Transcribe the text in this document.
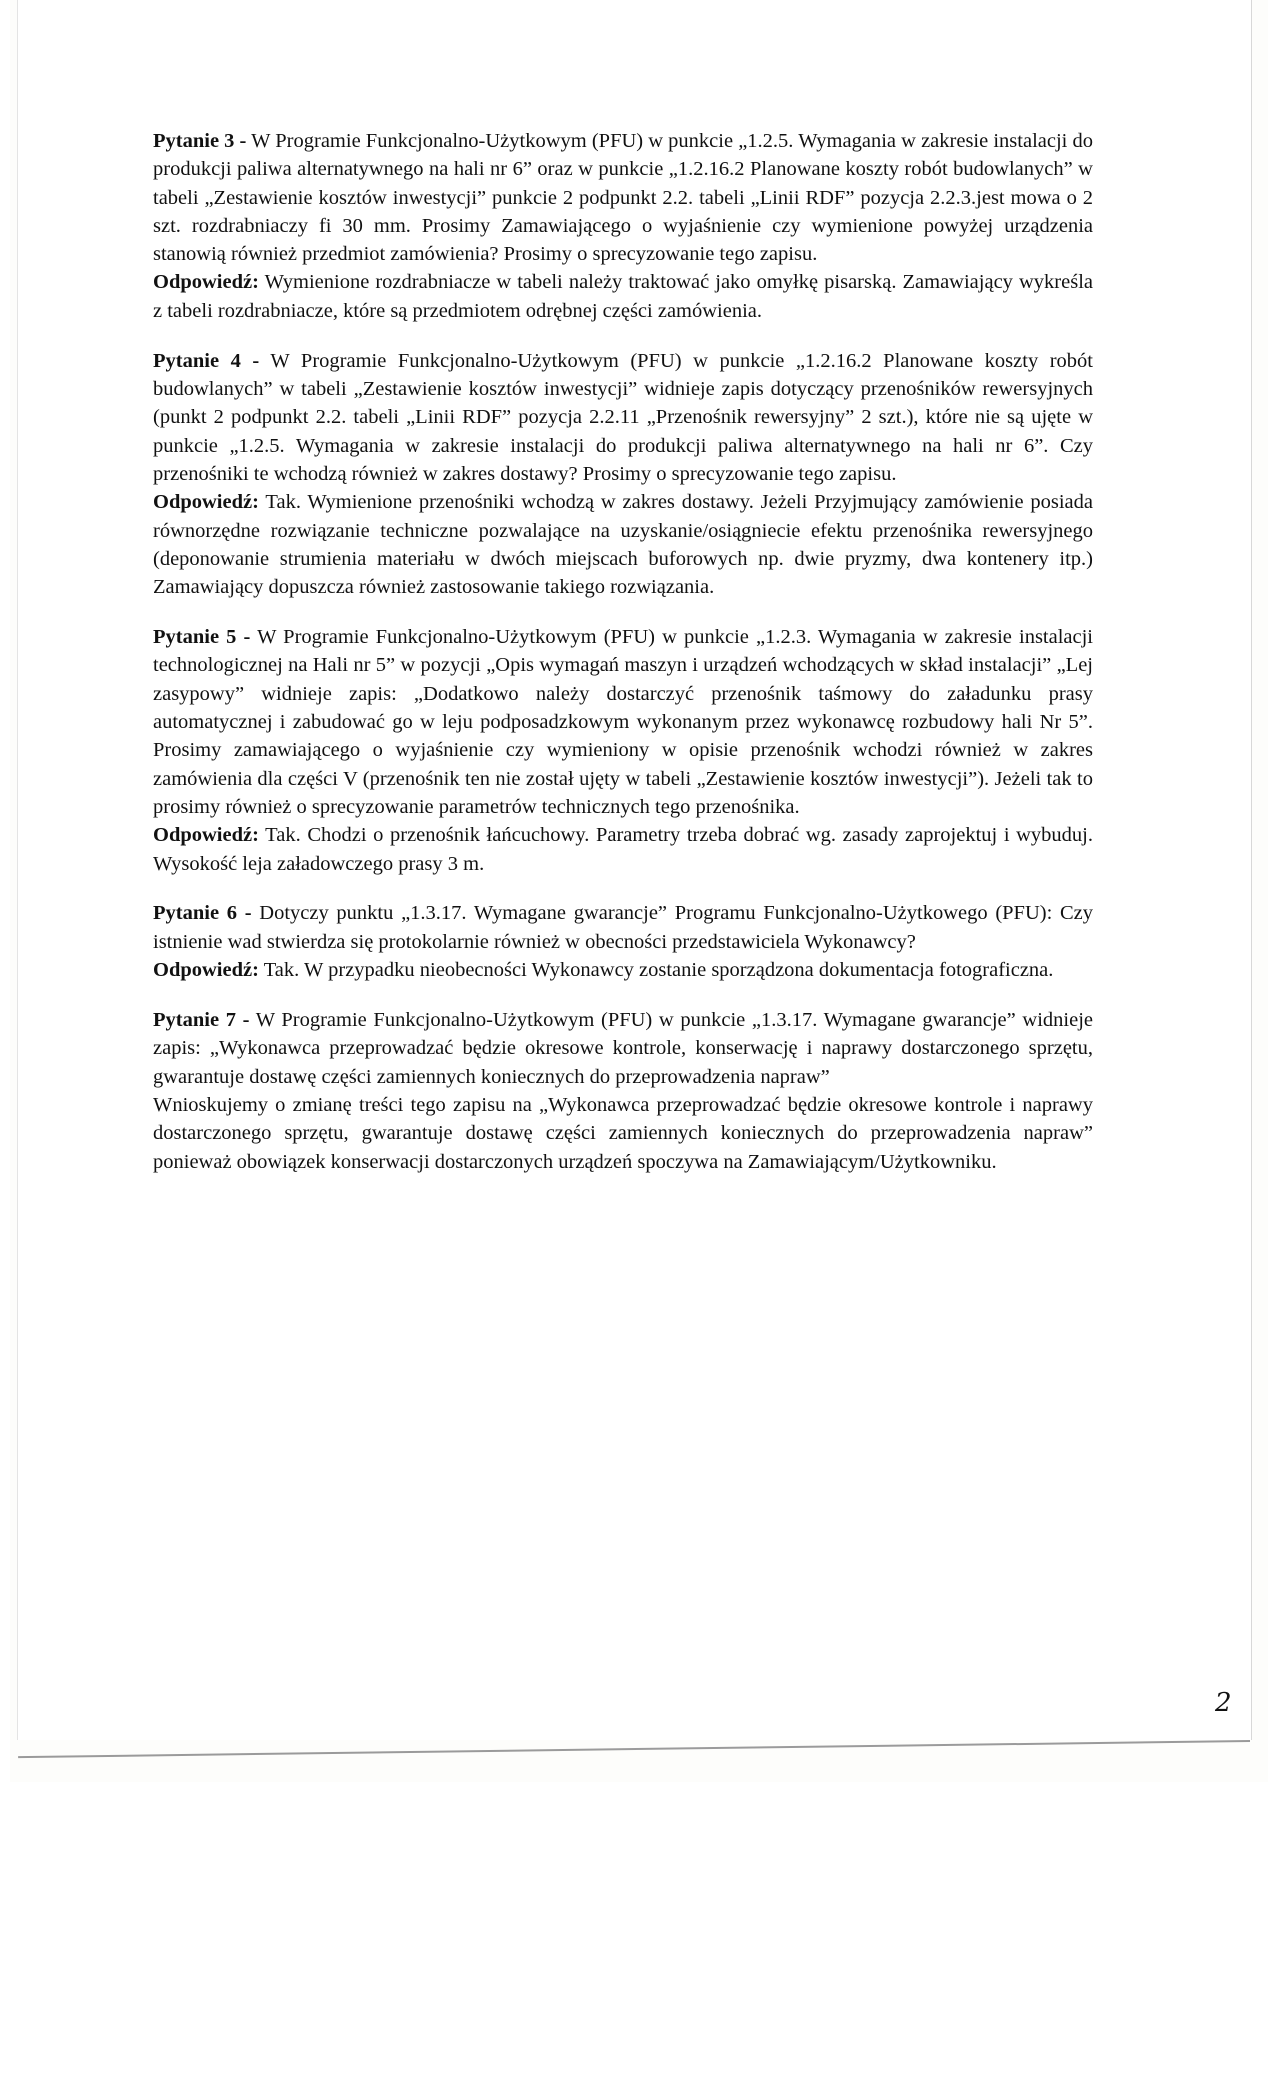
Pytanie 3 - W Programie Funkcjonalno-Użytkowym (PFU) w punkcie „1.2.5. Wymagania w zakresie instalacji do produkcji paliwa alternatywnego na hali nr 6” oraz w punkcie „1.2.16.2 Planowane koszty robót budowlanych” w tabeli „Zestawienie kosztów inwestycji” punkcie 2 podpunkt 2.2. tabeli „Linii RDF” pozycja 2.2.3.jest mowa o 2 szt. rozdrabniaczy fi 30 mm. Prosimy Zamawiającego o wyjaśnienie czy wymienione powyżej urządzenia stanowią również przedmiot zamówienia? Prosimy o sprecyzowanie tego zapisu.

Odpowiedź: Wymienione rozdrabniacze w tabeli należy traktować jako omyłkę pisarską. Zamawiający wykreśla z tabeli rozdrabniacze, które są przedmiotem odrębnej części zamówienia.

Pytanie 4 - W Programie Funkcjonalno-Użytkowym (PFU) w punkcie „1.2.16.2 Planowane koszty robót budowlanych” w tabeli „Zestawienie kosztów inwestycji” widnieje zapis dotyczący przenośników rewersyjnych (punkt 2 podpunkt 2.2. tabeli „Linii RDF” pozycja 2.2.11 „Przenośnik rewersyjny” 2 szt.), które nie są ujęte w punkcie „1.2.5. Wymagania w zakresie instalacji do produkcji paliwa alternatywnego na hali nr 6”. Czy przenośniki te wchodzą również w zakres dostawy? Prosimy o sprecyzowanie tego zapisu.

Odpowiedź: Tak. Wymienione przenośniki wchodzą w zakres dostawy. Jeżeli Przyjmujący zamówienie posiada równorzędne rozwiązanie techniczne pozwalające na uzyskanie/osiągniecie efektu przenośnika rewersyjnego (deponowanie strumienia materiału w dwóch miejscach buforowych np. dwie pryzmy, dwa kontenery itp.) Zamawiający dopuszcza również zastosowanie takiego rozwiązania.

Pytanie 5 - W Programie Funkcjonalno-Użytkowym (PFU) w punkcie „1.2.3. Wymagania w zakresie instalacji technologicznej na Hali nr 5” w pozycji „Opis wymagań maszyn i urządzeń wchodzących w skład instalacji” „Lej zasypowy” widnieje zapis: „Dodatkowo należy dostarczyć przenośnik taśmowy do załadunku prasy automatycznej i zabudować go w leju podposadzkowym wykonanym przez wykonawcę rozbudowy hali Nr 5”. Prosimy zamawiającego o wyjaśnienie czy wymieniony w opisie przenośnik wchodzi również w zakres zamówienia dla części V (przenośnik ten nie został ujęty w tabeli „Zestawienie kosztów inwestycji”). Jeżeli tak to prosimy również o sprecyzowanie parametrów technicznych tego przenośnika.

Odpowiedź: Tak. Chodzi o przenośnik łańcuchowy. Parametry trzeba dobrać wg. zasady zaprojektuj i wybuduj. Wysokość leja załadowczego prasy 3 m.

Pytanie 6 - Dotyczy punktu „1.3.17. Wymagane gwarancje” Programu Funkcjonalno-Użytkowego (PFU): Czy istnienie wad stwierdza się protokolarnie również w obecności przedstawiciela Wykonawcy?

Odpowiedź: Tak. W przypadku nieobecności Wykonawcy zostanie sporządzona dokumentacja fotograficzna.

Pytanie 7 - W Programie Funkcjonalno-Użytkowym (PFU) w punkcie „1.3.17. Wymagane gwarancje” widnieje zapis: „Wykonawca przeprowadzać będzie okresowe kontrole, konserwację i naprawy dostarczonego sprzętu, gwarantuje dostawę części zamiennych koniecznych do przeprowadzenia napraw”

Wnioskujemy o zmianę treści tego zapisu na „Wykonawca przeprowadzać będzie okresowe kontrole i naprawy dostarczonego sprzętu, gwarantuje dostawę części zamiennych koniecznych do przeprowadzenia napraw” ponieważ obowiązek konserwacji dostarczonych urządzeń spoczywa na Zamawiającym/Użytkowniku.

2
